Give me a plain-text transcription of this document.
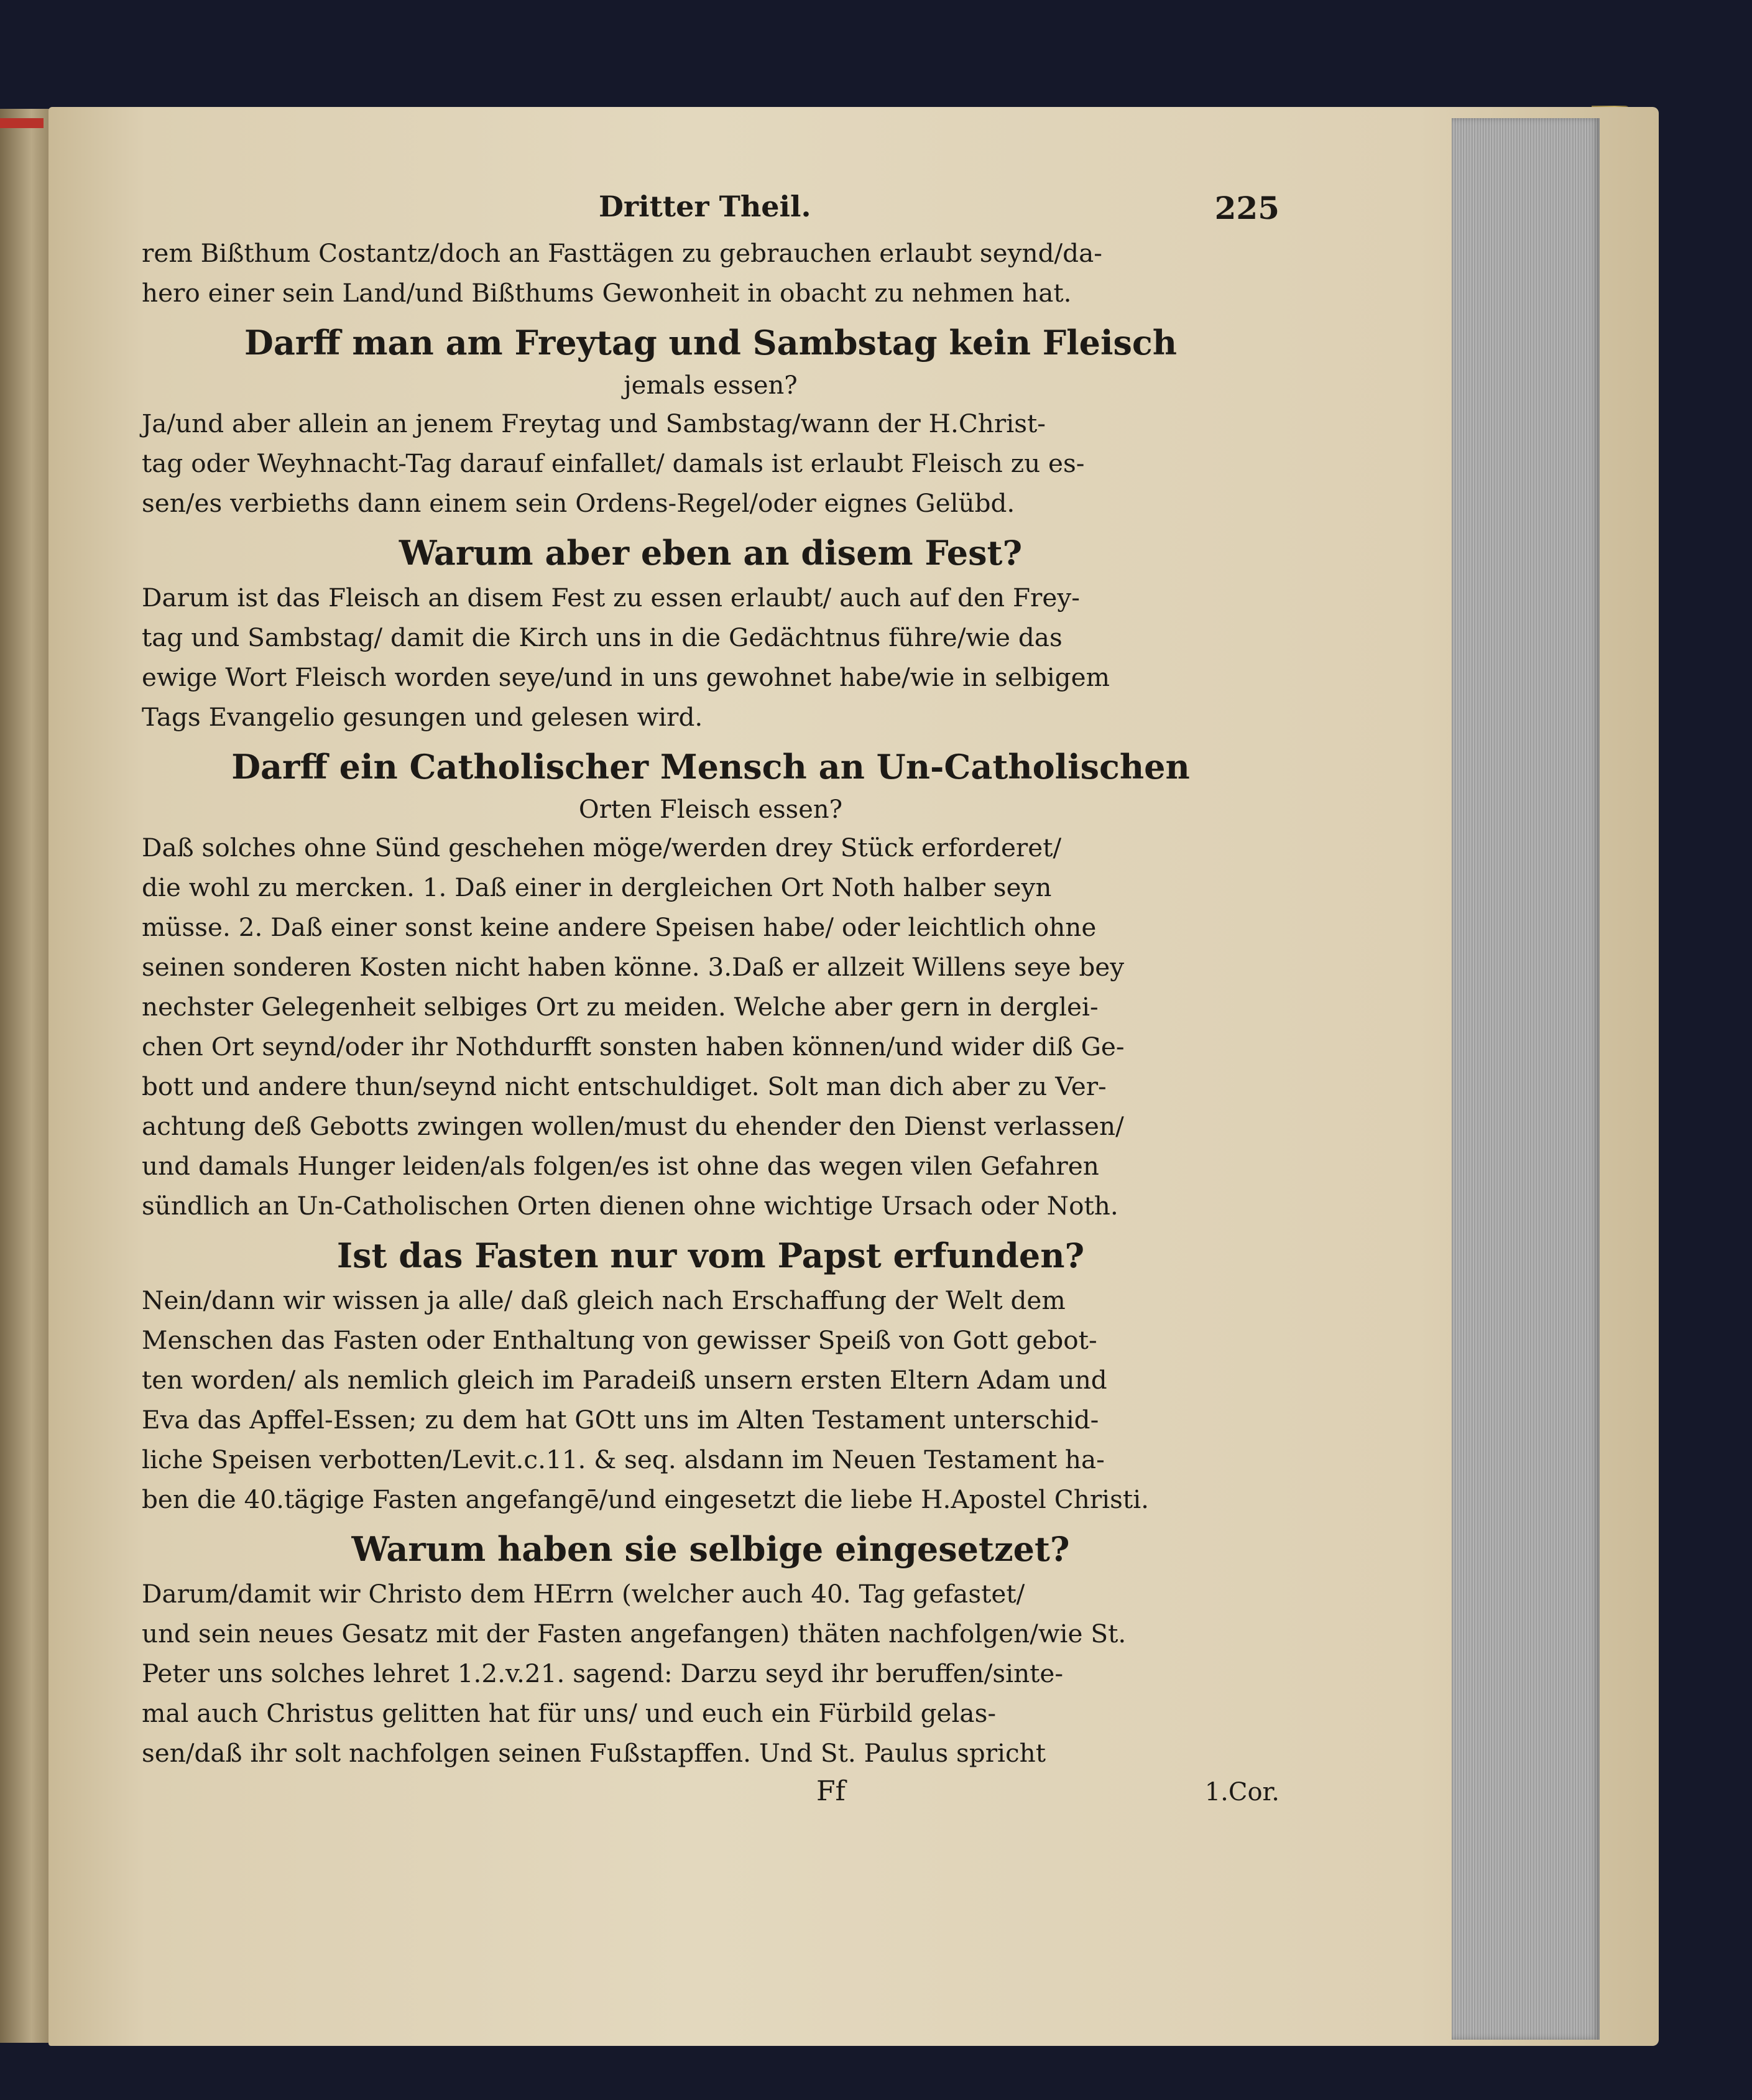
Dritter Theil.	225

rem Bißthum Costantz/doch an Fasttägen zu gebrauchen erlaubt seynd/da-
hero einer sein Land/und Bißthums Gewonheit in obacht zu nehmen hat.

Darff man am Freytag und Sambstag kein Fleisch

jemals essen?

Ja/und aber allein an jenem Freytag und Sambstag/wann der H.Christ-
tag oder Weyhnacht-Tag darauf einfallet/ damals ist erlaubt Fleisch zu es-
sen/es verbieths dann einem sein Ordens-Regel/oder eignes Gelübd.

Warum aber eben an disem Fest?

Darum ist das Fleisch an disem Fest zu essen erlaubt/ auch auf den Frey-
tag und Sambstag/ damit die Kirch uns in die Gedächtnus führe/wie das
ewige Wort Fleisch worden seye/und in uns gewohnet habe/wie in selbigem
Tags Evangelio gesungen und gelesen wird.

Darff ein Catholischer Mensch an Un-Catholischen

Orten Fleisch essen?

Daß solches ohne Sünd geschehen möge/werden drey Stück erforderet/
die wohl zu mercken. 1. Daß einer in dergleichen Ort Noth halber seyn
müsse. 2. Daß einer sonst keine andere Speisen habe/ oder leichtlich ohne
seinen sonderen Kosten nicht haben könne. 3.Daß er allzeit Willens seye bey
nechster Gelegenheit selbiges Ort zu meiden. Welche aber gern in derglei-
chen Ort seynd/oder ihr Nothdurfft sonsten haben können/und wider diß Ge-
bott und andere thun/seynd nicht entschuldiget. Solt man dich aber zu Ver-
achtung deß Gebotts zwingen wollen/must du ehender den Dienst verlassen/
und damals Hunger leiden/als folgen/es ist ohne das wegen vilen Gefahren
sündlich an Un-Catholischen Orten dienen ohne wichtige Ursach oder Noth.

Ist das Fasten nur vom Papst erfunden?

Nein/dann wir wissen ja alle/ daß gleich nach Erschaffung der Welt dem
Menschen das Fasten oder Enthaltung von gewisser Speiß von Gott gebot-
ten worden/ als nemlich gleich im Paradeiß unsern ersten Eltern Adam und
Eva das Apffel-Essen; zu dem hat GOtt uns im Alten Testament unterschid-
liche Speisen verbotten/Levit.c.11. & seq. alsdann im Neuen Testament ha-
ben die 40.tägige Fasten angefangē/und eingesetzt die liebe H.Apostel Christi.

Warum haben sie selbige eingesetzet?

Darum/damit wir Christo dem HErrn (welcher auch 40. Tag gefastet/
und sein neues Gesatz mit der Fasten angefangen) thäten nachfolgen/wie St.
Peter uns solches lehret 1.2.v.21. sagend: Darzu seyd ihr beruffen/sinte-
mal auch Christus gelitten hat für uns/ und euch ein Fürbild gelas-
sen/daß ihr solt nachfolgen seinen Fußstapffen. Und St. Paulus spricht

Ff	1.Cor.
